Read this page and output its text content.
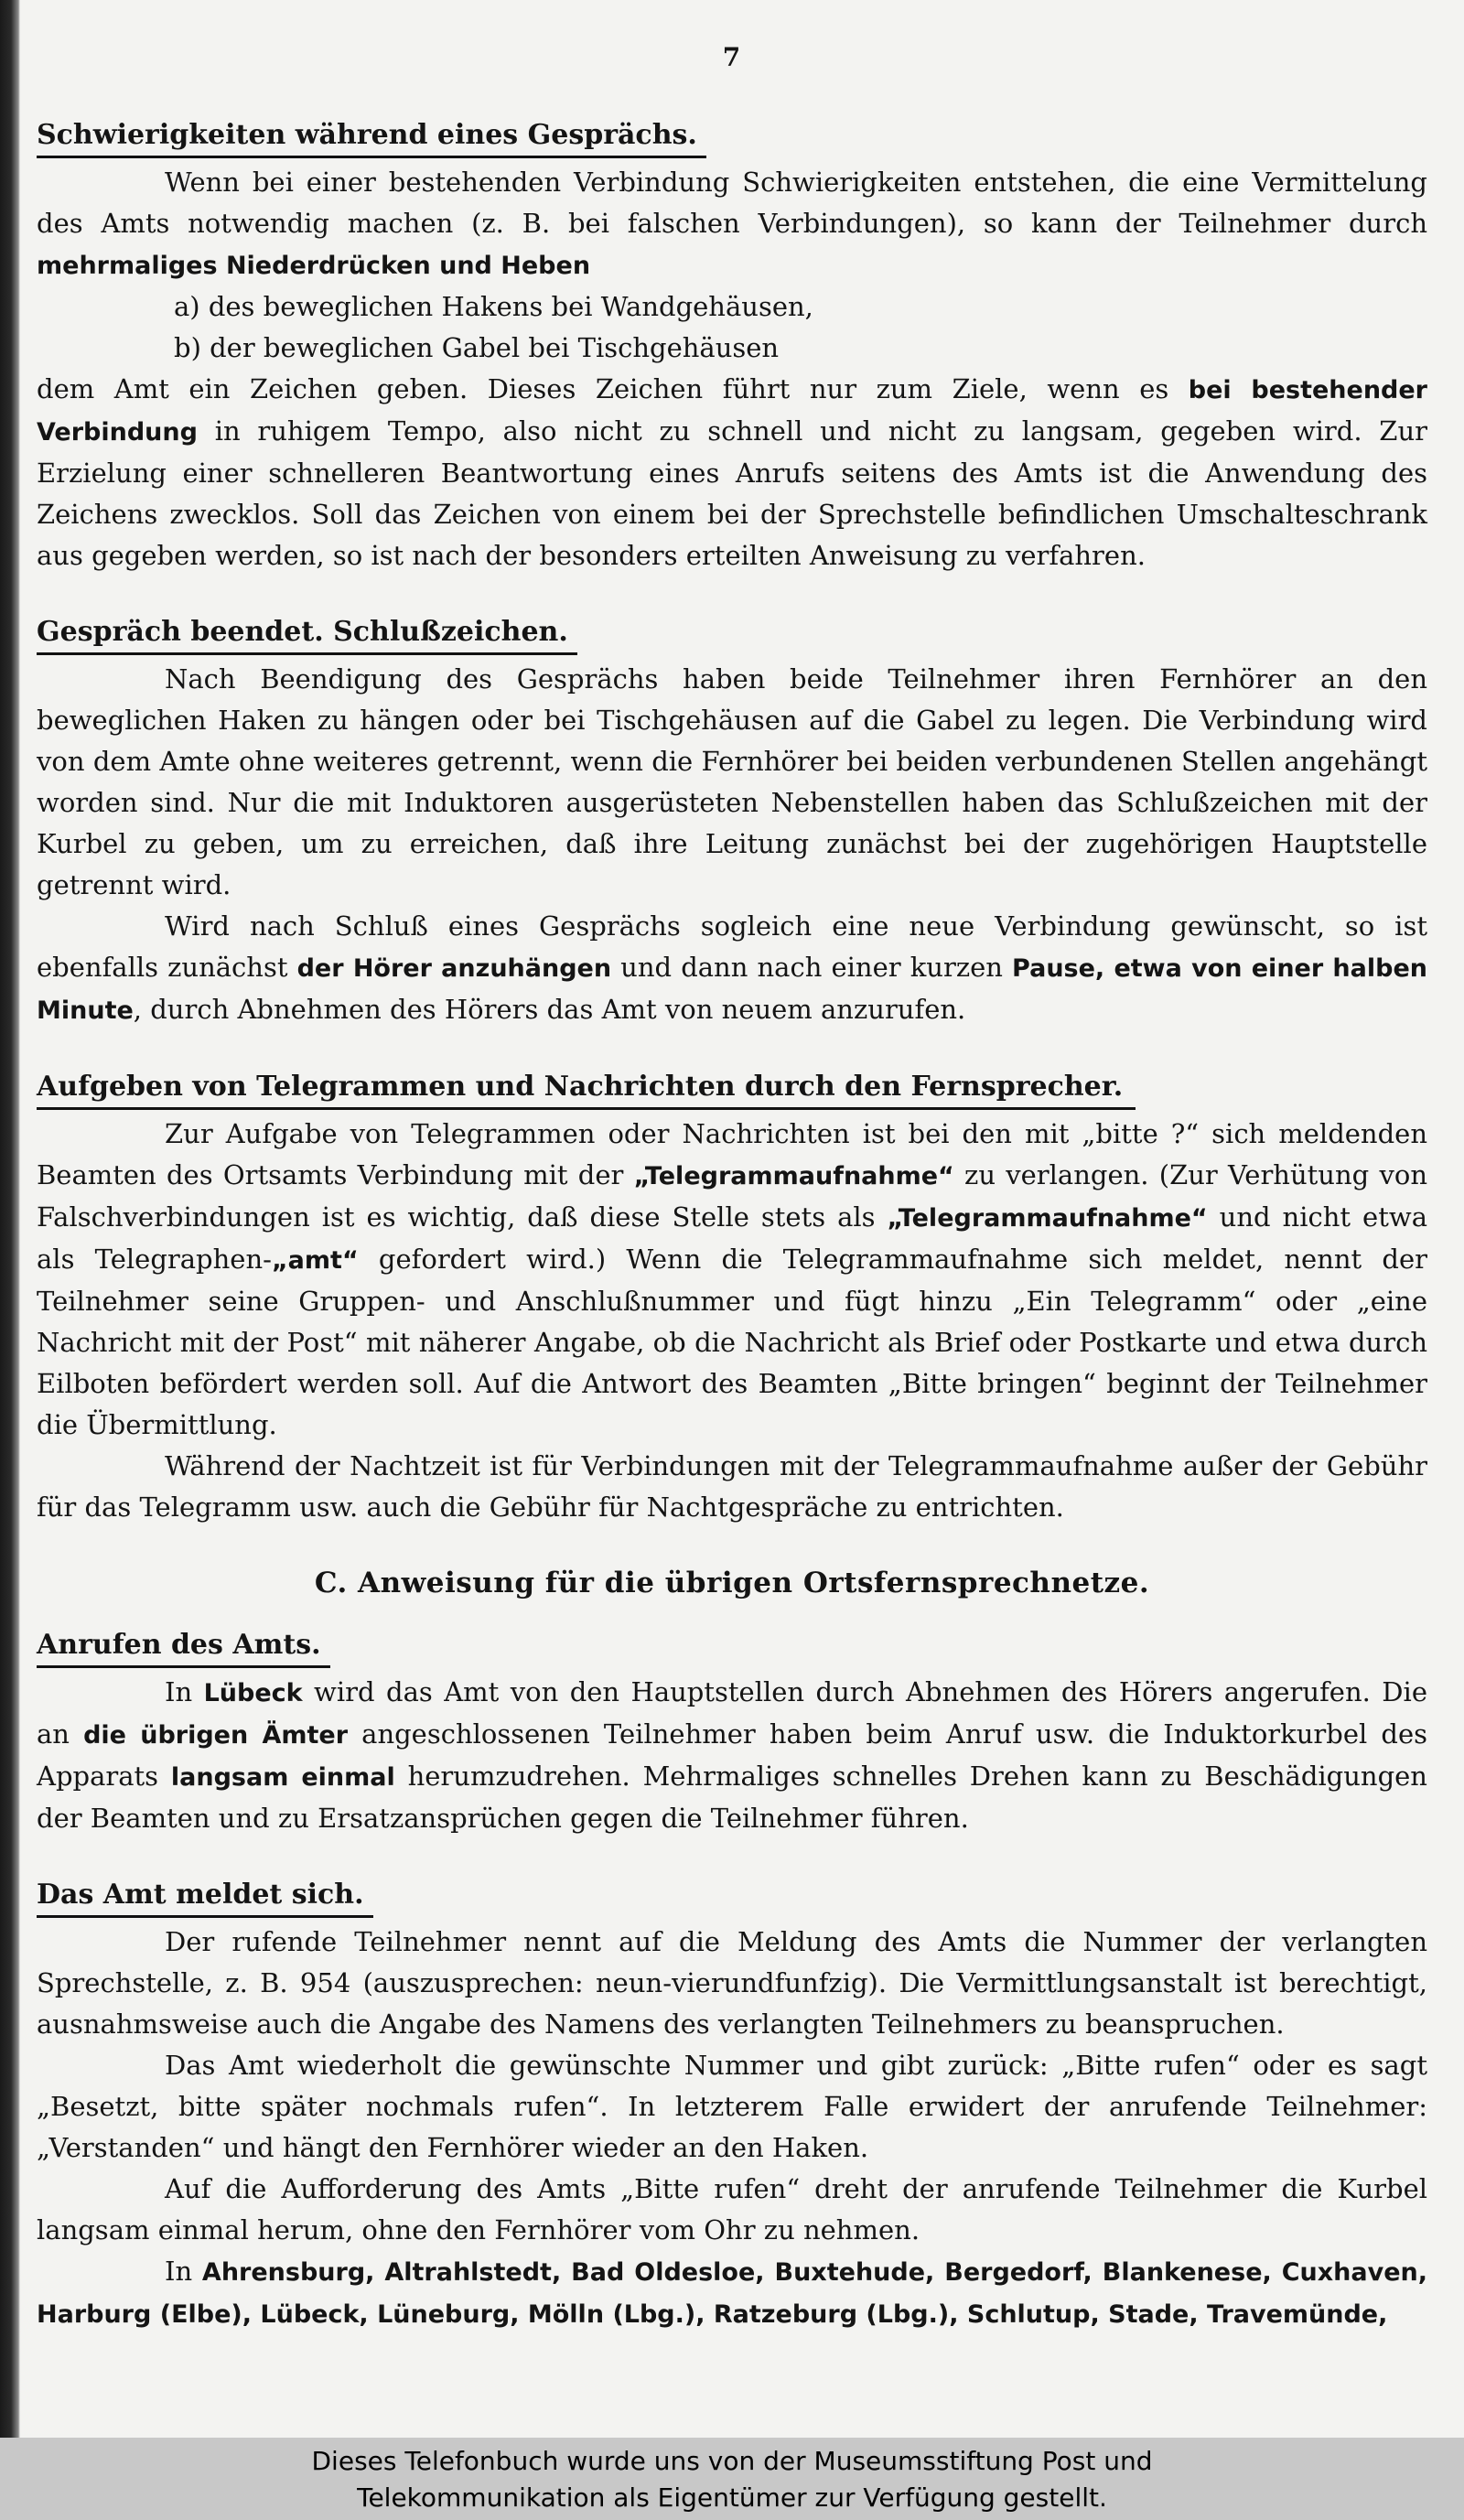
7
Schwierigkeiten während eines Gesprächs.

Wenn bei einer bestehenden Verbindung Schwierigkeiten entstehen, die eine Vermittelung des Amts notwendig machen (z. B. bei falschen Verbindungen), so kann der Teilnehmer durch mehrmaliges Niederdrücken und Heben

a) des beweglichen Hakens bei Wandgehäusen,

b) der beweglichen Gabel bei Tischgehäusen

dem Amt ein Zeichen geben. Dieses Zeichen führt nur zum Ziele, wenn es bei bestehender Verbindung in ruhigem Tempo, also nicht zu schnell und nicht zu langsam, gegeben wird. Zur Erzielung einer schnelleren Beantwortung eines Anrufs seitens des Amts ist die Anwendung des Zeichens zwecklos. Soll das Zeichen von einem bei der Sprechstelle befindlichen Umschalteschrank aus gegeben werden, so ist nach der besonders erteilten Anweisung zu verfahren.

Gespräch beendet. Schlußzeichen.

Nach Beendigung des Gesprächs haben beide Teilnehmer ihren Fernhörer an den beweglichen Haken zu hängen oder bei Tischgehäusen auf die Gabel zu legen. Die Verbindung wird von dem Amte ohne weiteres getrennt, wenn die Fernhörer bei beiden verbundenen Stellen angehängt worden sind. Nur die mit Induktoren ausgerüsteten Nebenstellen haben das Schlußzeichen mit der Kurbel zu geben, um zu erreichen, daß ihre Leitung zunächst bei der zugehörigen Hauptstelle getrennt wird.

Wird nach Schluß eines Gesprächs sogleich eine neue Verbindung gewünscht, so ist ebenfalls zunächst der Hörer anzuhängen und dann nach einer kurzen Pause, etwa von einer halben Minute, durch Abnehmen des Hörers das Amt von neuem anzurufen.

Aufgeben von Telegrammen und Nachrichten durch den Fernsprecher.

Zur Aufgabe von Telegrammen oder Nachrichten ist bei den mit „bitte ?“ sich meldenden Beamten des Ortsamts Verbindung mit der „Telegrammaufnahme“ zu verlangen. (Zur Verhütung von Falschverbindungen ist es wichtig, daß diese Stelle stets als „Telegrammaufnahme“ und nicht etwa als Telegraphen-„amt“ gefordert wird.) Wenn die Telegrammaufnahme sich meldet, nennt der Teilnehmer seine Gruppen- und Anschlußnummer und fügt hinzu „Ein Telegramm“ oder „eine Nachricht mit der Post“ mit näherer Angabe, ob die Nachricht als Brief oder Postkarte und etwa durch Eilboten befördert werden soll. Auf die Antwort des Beamten „Bitte bringen“ beginnt der Teilnehmer die Übermittlung.

Während der Nachtzeit ist für Verbindungen mit der Telegrammaufnahme außer der Gebühr für das Telegramm usw. auch die Gebühr für Nachtgespräche zu entrichten.

C. Anweisung für die übrigen Ortsfernsprechnetze.
Anrufen des Amts.

In Lübeck wird das Amt von den Hauptstellen durch Abnehmen des Hörers angerufen. Die an die übrigen Ämter angeschlossenen Teilnehmer haben beim Anruf usw. die Induktorkurbel des Apparats langsam einmal herumzudrehen. Mehrmaliges schnelles Drehen kann zu Beschädigungen der Beamten und zu Ersatzansprüchen gegen die Teilnehmer führen.

Das Amt meldet sich.

Der rufende Teilnehmer nennt auf die Meldung des Amts die Nummer der verlangten Sprechstelle, z. B. 954 (auszusprechen: neun-vierundfunfzig). Die Vermittlungsanstalt ist berechtigt, ausnahmsweise auch die Angabe des Namens des verlangten Teilnehmers zu beanspruchen.

Das Amt wiederholt die gewünschte Nummer und gibt zurück: „Bitte rufen“ oder es sagt „Besetzt, bitte später nochmals rufen“. In letzterem Falle erwidert der anrufende Teilnehmer: „Verstanden“ und hängt den Fernhörer wieder an den Haken.

Auf die Aufforderung des Amts „Bitte rufen“ dreht der anrufende Teilnehmer die Kurbel langsam einmal herum, ohne den Fernhörer vom Ohr zu nehmen.

In Ahrensburg, Altrahlstedt, Bad Oldesloe, Buxtehude, Bergedorf, Blankenese, Cuxhaven, Harburg (Elbe), Lübeck, Lüneburg, Mölln (Lbg.), Ratzeburg (Lbg.), Schlutup, Stade, Travemünde,

Dieses Telefonbuch wurde uns von der Museumsstiftung Post und
Telekommunikation als Eigentümer zur Verfügung gestellt.
